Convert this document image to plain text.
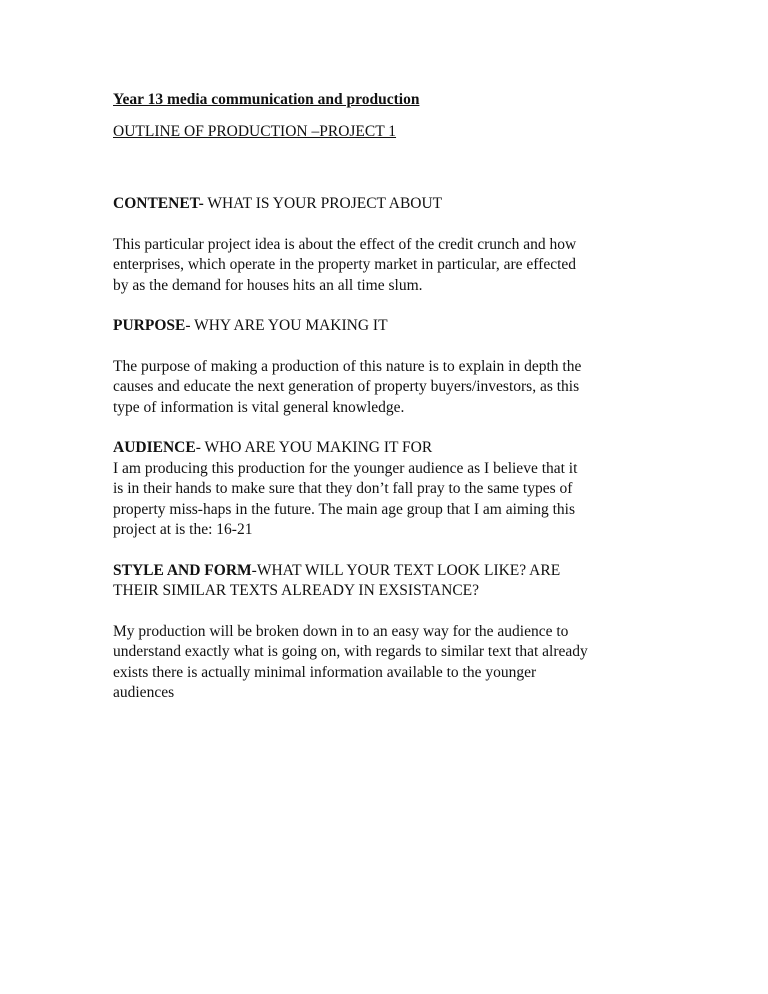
Year 13 media communication and production

OUTLINE OF PRODUCTION –PROJECT 1

CONTENET- WHAT IS YOUR PROJECT ABOUT

This particular project idea is about the effect of the credit crunch and how

enterprises, which operate in the property market in particular, are effected

by as the demand for houses hits an all time slum.

PURPOSE- WHY ARE YOU MAKING IT

The purpose of making a production of this nature is to explain in depth the

causes and educate the next generation of property buyers/investors, as this

type of information is vital general knowledge.

AUDIENCE- WHO ARE YOU MAKING IT FOR

I am producing this production for the younger audience as I believe that it

is in their hands to make sure that they don’t fall pray to the same types of

property miss-haps in the future. The main age group that I am aiming this

project at is the: 16-21

STYLE AND FORM-WHAT WILL YOUR TEXT LOOK LIKE? ARE

THEIR SIMILAR TEXTS ALREADY IN EXSISTANCE?

My production will be broken down in to an easy way for the audience to

understand exactly what is going on, with regards to similar text that already

exists there is actually minimal information available to the younger

audiences
